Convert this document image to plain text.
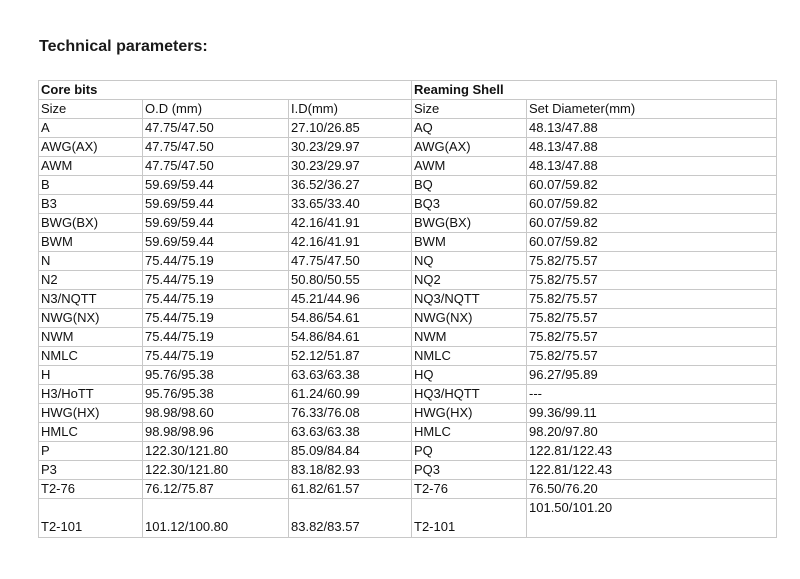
Technical parameters:
Core bits			Reaming Shell	
Size	O.D (mm)	I.D(mm)	Size	Set Diameter(mm)
A	47.75/47.50	27.10/26.85	AQ	48.13/47.88
AWG(AX)	47.75/47.50	30.23/29.97	AWG(AX)	48.13/47.88
AWM	47.75/47.50	30.23/29.97	AWM	48.13/47.88
B	59.69/59.44	36.52/36.27	BQ	60.07/59.82
B3	59.69/59.44	33.65/33.40	BQ3	60.07/59.82
BWG(BX)	59.69/59.44	42.16/41.91	BWG(BX)	60.07/59.82
BWM	59.69/59.44	42.16/41.91	BWM	60.07/59.82
N	75.44/75.19	47.75/47.50	NQ	75.82/75.57
N2	75.44/75.19	50.80/50.55	NQ2	75.82/75.57
N3/NQTT	75.44/75.19	45.21/44.96	NQ3/NQTT	75.82/75.57
NWG(NX)	75.44/75.19	54.86/54.61	NWG(NX)	75.82/75.57
NWM	75.44/75.19	54.86/84.61	NWM	75.82/75.57
NMLC	75.44/75.19	52.12/51.87	NMLC	75.82/75.57
H	95.76/95.38	63.63/63.38	HQ	96.27/95.89
H3/HoTT	95.76/95.38	61.24/60.99	HQ3/HQTT	---
HWG(HX)	98.98/98.60	76.33/76.08	HWG(HX)	99.36/99.11
HMLC	98.98/98.96	63.63/63.38	HMLC	98.20/97.80
P	122.30/121.80	85.09/84.84	PQ	122.81/122.43
P3	122.30/121.80	83.18/82.93	PQ3	122.81/122.43
T2-76	76.12/75.87	61.82/61.57	T2-76	76.50/76.20
T2-101	101.12/100.80	83.82/83.57	T2-101	101.50/101.20
